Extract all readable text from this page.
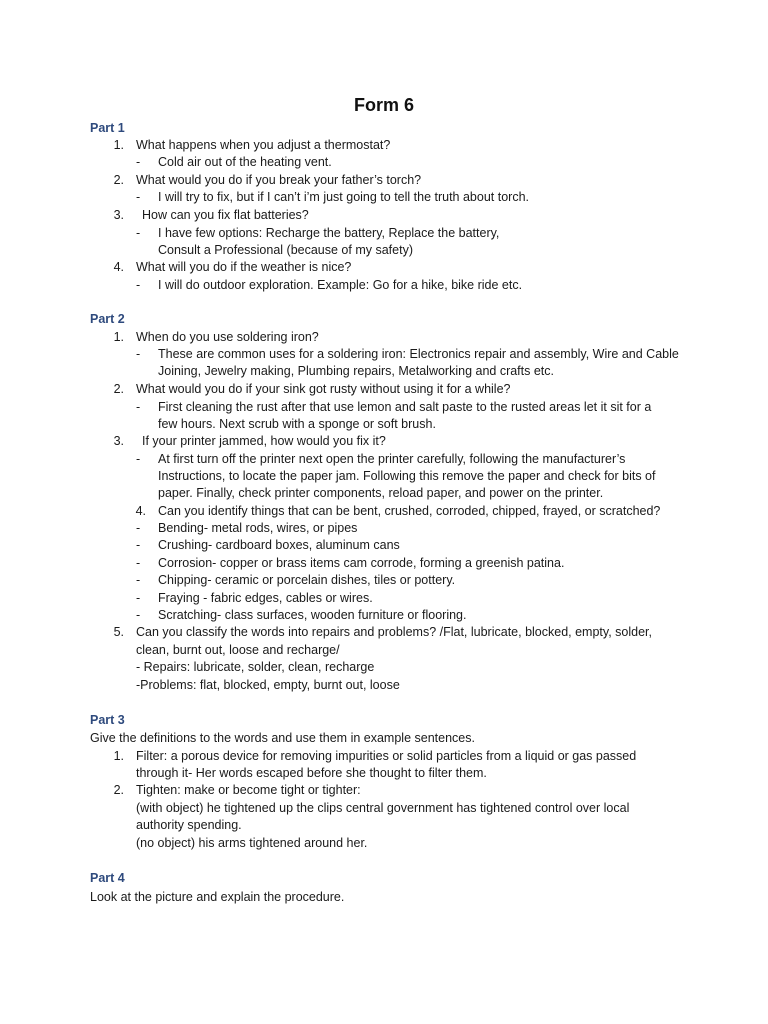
Form 6
Part 1
1. What happens when you adjust a thermostat?
- Cold air out of the heating vent.
2. What would you do if you break your father’s torch?
- I will try to fix, but if I can’t i’m just going to tell the truth about torch.
3. How can you fix flat batteries?
- I have few options: Recharge the battery, Replace the battery,
Consult a Professional (because of my safety)
4. What will you do if the weather is nice?
- I will do outdoor exploration. Example: Go for a hike, bike ride etc.
Part 2
1. When do you use soldering iron?
- These are common uses for a soldering iron: Electronics repair and assembly, Wire and Cable
Joining, Jewelry making, Plumbing repairs, Metalworking and crafts etc.
2. What would you do if your sink got rusty without using it for a while?
- First cleaning the rust after that use lemon and salt paste to the rusted areas let it sit for a
few hours. Next scrub with a sponge or soft brush.
3. If your printer jammed, how would you fix it?
- At first turn off the printer next open the printer carefully, following the manufacturer’s
Instructions, to locate the paper jam. Following this remove the paper and check for bits of
paper. Finally, check printer components, reload paper, and power on the printer.
4. Can you identify things that can be bent, crushed, corroded, chipped, frayed, or scratched?
- Bending- metal rods, wires, or pipes
- Crushing- cardboard boxes, aluminum cans
- Corrosion- copper or brass items cam corrode, forming a greenish patina.
- Chipping- ceramic or porcelain dishes, tiles or pottery.
- Fraying - fabric edges, cables or wires.
- Scratching- class surfaces, wooden furniture or flooring.
5. Can you classify the words into repairs and problems? /Flat, lubricate, blocked, empty, solder,
clean, burnt out, loose and recharge/
- Repairs: lubricate, solder, clean, recharge
-Problems: flat, blocked, empty, burnt out, loose
Part 3
Give the definitions to the words and use them in example sentences.
1. Filter: a porous device for removing impurities or solid particles from a liquid or gas passed
through it- Her words escaped before she thought to filter them.
2. Tighten: make or become tight or tighter:
(with object) he tightened up the clips central government has tightened control over local
authority spending.
(no object) his arms tightened around her.
Part 4
Look at the picture and explain the procedure.
